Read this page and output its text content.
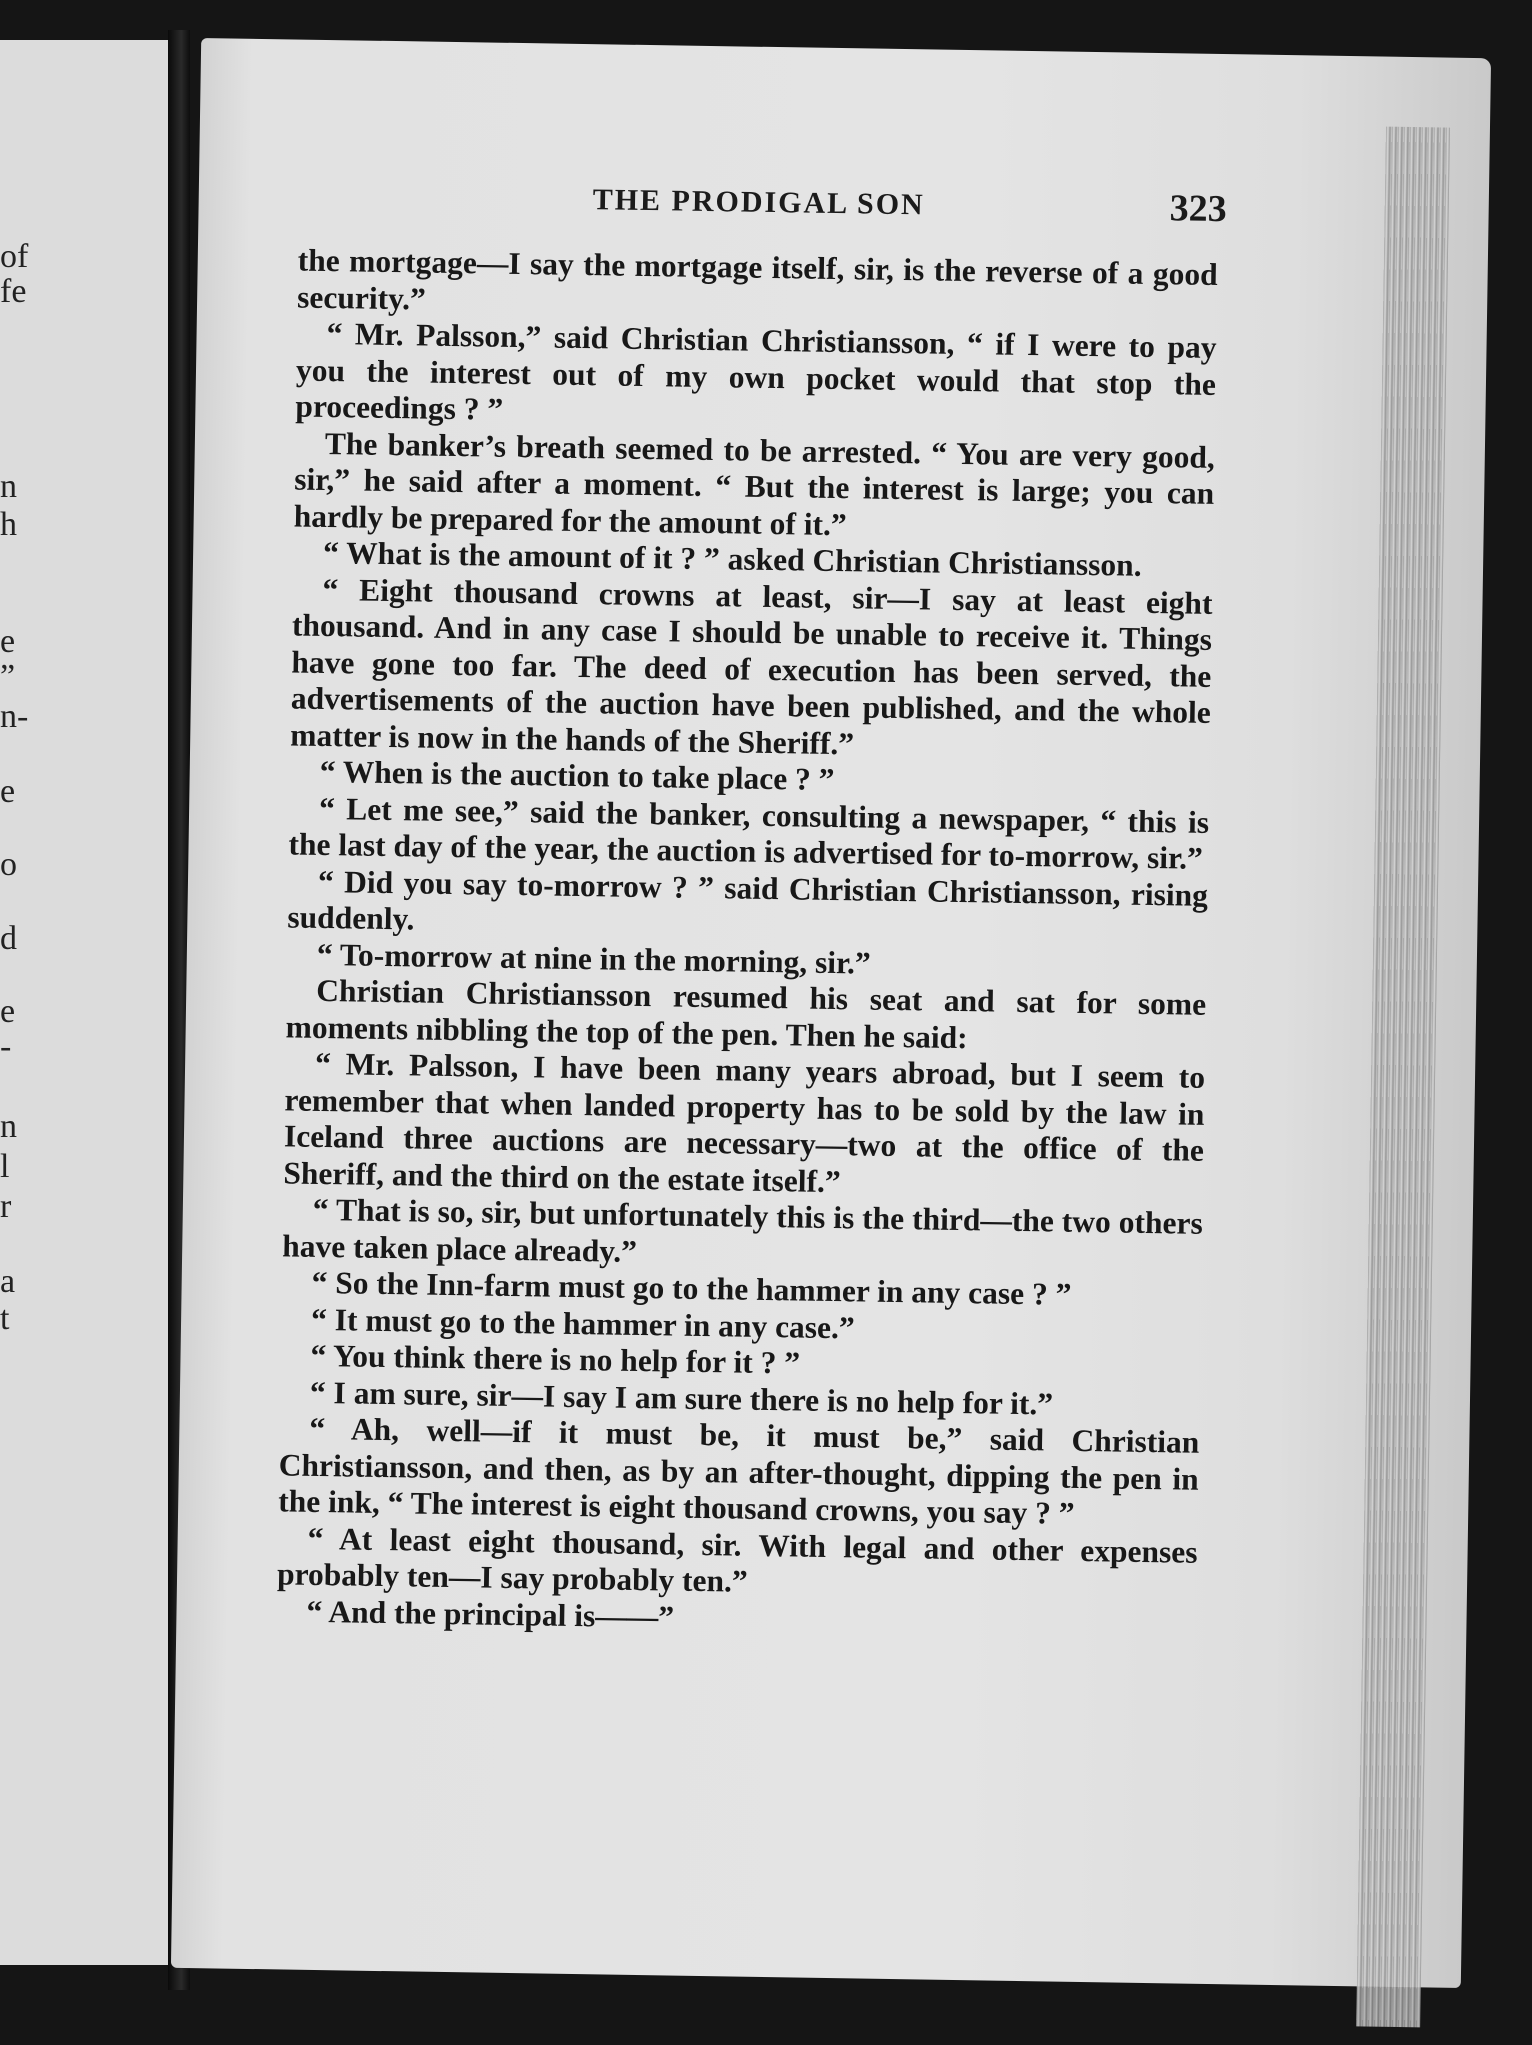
of
fe
n
h
e
”
n-
e
o
d
e
-
n
l
r
a
t
THE PRODIGAL SON	323

the mortgage—I say the mortgage itself, sir, is the reverse of a good security.”

“ Mr. Palsson,” said Christian Christiansson, “ if I were to pay you the interest out of my own pocket would that stop the proceedings ? ”

The banker’s breath seemed to be arrested. “ You are very good, sir,” he said after a moment. “ But the interest is large; you can hardly be prepared for the amount of it.”

“ What is the amount of it ? ” asked Christian Christiansson.

“ Eight thousand crowns at least, sir—I say at least eight thousand. And in any case I should be unable to receive it. Things have gone too far. The deed of execution has been served, the advertisements of the auction have been published, and the whole matter is now in the hands of the Sheriff.”

“ When is the auction to take place ? ”

“ Let me see,” said the banker, consulting a newspaper, “ this is the last day of the year, the auction is advertised for to-morrow, sir.”

“ Did you say to-morrow ? ” said Christian Christiansson, rising suddenly.

“ To-morrow at nine in the morning, sir.”

Christian Christiansson resumed his seat and sat for some moments nibbling the top of the pen. Then he said:

“ Mr. Palsson, I have been many years abroad, but I seem to remember that when landed property has to be sold by the law in Iceland three auctions are necessary—two at the office of the Sheriff, and the third on the estate itself.”

“ That is so, sir, but unfortunately this is the third—the two others have taken place already.”

“ So the Inn-farm must go to the hammer in any case ? ”

“ It must go to the hammer in any case.”

“ You think there is no help for it ? ”

“ I am sure, sir—I say I am sure there is no help for it.”

“ Ah, well—if it must be, it must be,” said Christian Christiansson, and then, as by an after-thought, dipping the pen in the ink, “ The interest is eight thousand crowns, you say ? ”

“ At least eight thousand, sir. With legal and other expenses probably ten—I say probably ten.”

“ And the principal is——”
